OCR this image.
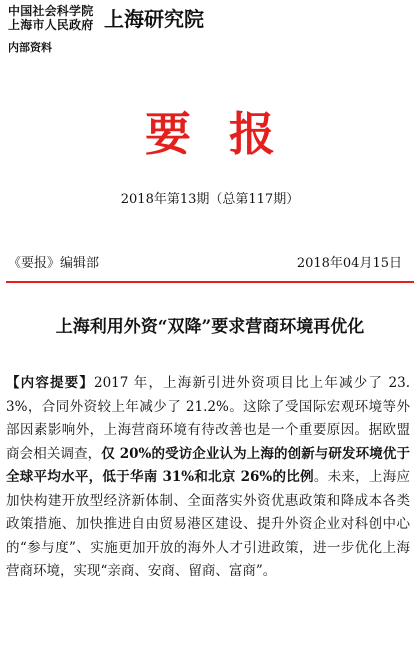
中国社会科学院
上海市人民政府 上海研究院
内部资料
要报
2018年第13期（总第117期）
《要报》编辑部	2018年04月15日
上海利用外资“双降”要求营商环境再优化
【内容提要】2017 年，上海新引进外资项目比上年减少了 23.3%，合同外资较上年减少了 21.2%。这除了受国际宏观环境等外部因素影响外，上海营商环境有待改善也是一个重要原因。据欧盟商会相关调查，仅 20%的受访企业认为上海的创新与研发环境优于全球平均水平，低于华南 31%和北京 26%的比例。未来，上海应加快构建开放型经济新体制、全面落实外资优惠政策和降成本各类政策措施、加快推进自由贸易港区建设、提升外资企业对科创中心的“参与度”、实施更加开放的海外人才引进政策，进一步优化上海营商环境，实现“亲商、安商、留商、富商”。
